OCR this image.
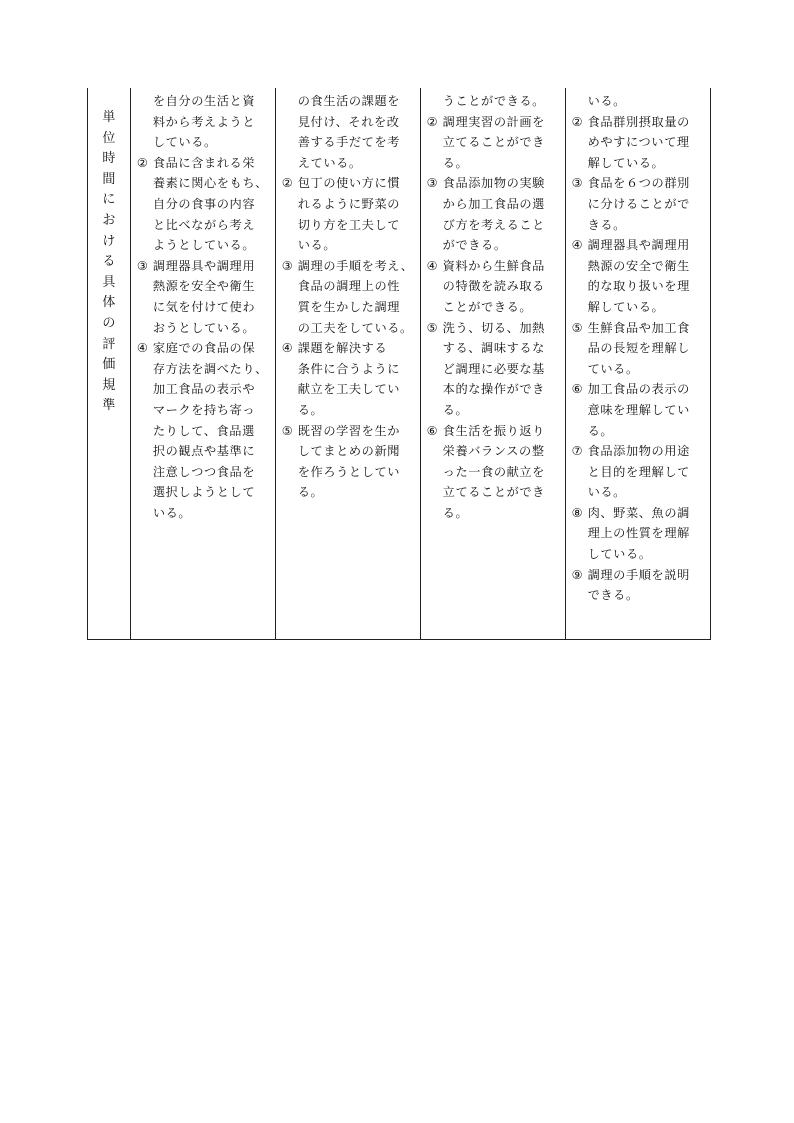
単
位
時
間
に
お
け
る
具
体
の
評
価
規
準
を自分の生活と資
料から考えようと
している。
② 食品に含まれる栄
養素に関心をもち、
自分の食事の内容
と比べながら考え
ようとしている。
③ 調理器具や調理用
熱源を安全や衛生
に気を付けて使わ
おうとしている。
④ 家庭での食品の保
存方法を調べたり、
加工食品の表示や
マークを持ち寄っ
たりして、食品選
択の観点や基準に
注意しつつ食品を
選択しようとして
いる。
の食生活の課題を
見付け、それを改
善する手だてを考
えている。
② 包丁の使い方に慣
れるように野菜の
切り方を工夫して
いる。
③ 調理の手順を考え、
食品の調理上の性
質を生かした調理
の工夫をしている。
④ 課題を解決する
条件に合うように
献立を工夫してい
る。
⑤ 既習の学習を生か
してまとめの新聞
を作ろうとしてい
る。
うことができる。
② 調理実習の計画を
立てることができ
る。
③ 食品添加物の実験
から加工食品の選
び方を考えること
ができる。
④ 資料から生鮮食品
の特徴を読み取る
ことができる。
⑤ 洗う、切る、加熱
する、調味するな
ど調理に必要な基
本的な操作ができ
る。
⑥ 食生活を振り返り
栄養バランスの整
った一食の献立を
立てることができ
る。
いる。
② 食品群別摂取量の
めやすについて理
解している。
③ 食品を６つの群別
に分けることがで
きる。
④ 調理器具や調理用
熱源の安全で衛生
的な取り扱いを理
解している。
⑤ 生鮮食品や加工食
品の長短を理解し
ている。
⑥ 加工食品の表示の
意味を理解してい
る。
⑦ 食品添加物の用途
と目的を理解して
いる。
⑧ 肉、野菜、魚の調
理上の性質を理解
している。
⑨ 調理の手順を説明
できる。
